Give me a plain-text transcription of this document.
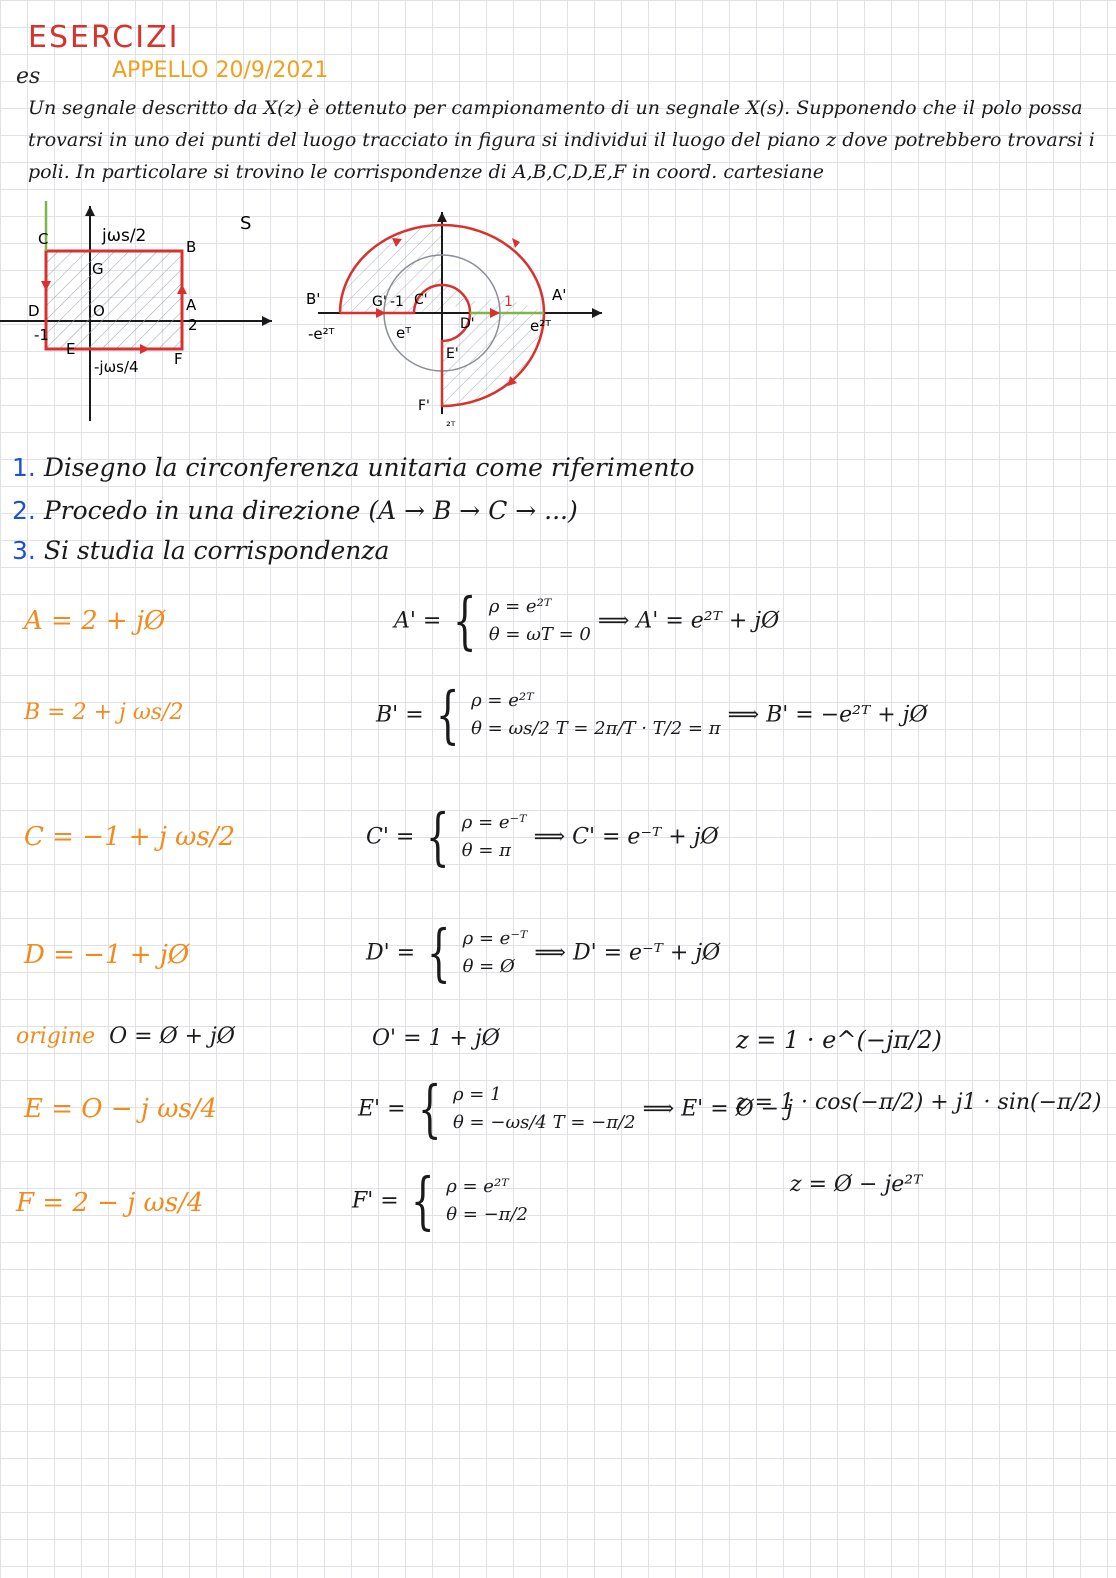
ESERCIZI
es	APPELLO 20/9/2021
Un segnale descritto da X(z) è ottenuto per campionamento di un segnale X(s). Supponendo che il polo possa trovarsi in uno dei punti del luogo tracciato in figura si individui il luogo del piano z dove potrebbero trovarsi i poli. In particolare si trovino le corrispondenze di A,B,C,D,E,F in coord. cartesiane
jωs/2
S
C	B
G
D	O	A
-1
2
E
-jωs/4 F
B'
-e²ᵀ
G' -1 C'
eᵀ	D'
E'
1	A'
e²ᵀ
F'
²ᵀ
1. Disegno la circonferenza unitaria come riferimento
2. Procedo in una direzione (A → B → C → ...)
3. Si studia la corrispondenza
A = 2 + jØ	A' = { ρ = e²ᵀ
θ = ωT = 0
⟹ A' = e²ᵀ + jØ
B = 2 + j ωs/2	B' = { ρ = e²ᵀ
θ = ωs/2 T = 2π/T · T/2 = π
⟹ B' = −e²ᵀ + jØ
C = −1 + j ωs/2	C' = { ρ = e⁻ᵀ
θ = π
⟹ C' = e⁻ᵀ + jØ
D = −1 + jØ	D' = { ρ = e⁻ᵀ
θ = Ø
⟹ D' = e⁻ᵀ + jØ
origine O = Ø + jØ	O' = 1 + jØ	z = 1 · e^(−jπ/2)
E = O − j ωs/4	E' = { ρ = 1
θ = −ωs/4 T = −π/2
⟹ E' = Ø − j
z = 1 · cos(−π/2) + j1 · sin(−π/2)
F = 2 − j ωs/4	F' = { ρ = e²ᵀ
θ = −π/2
z = Ø − je²ᵀ
